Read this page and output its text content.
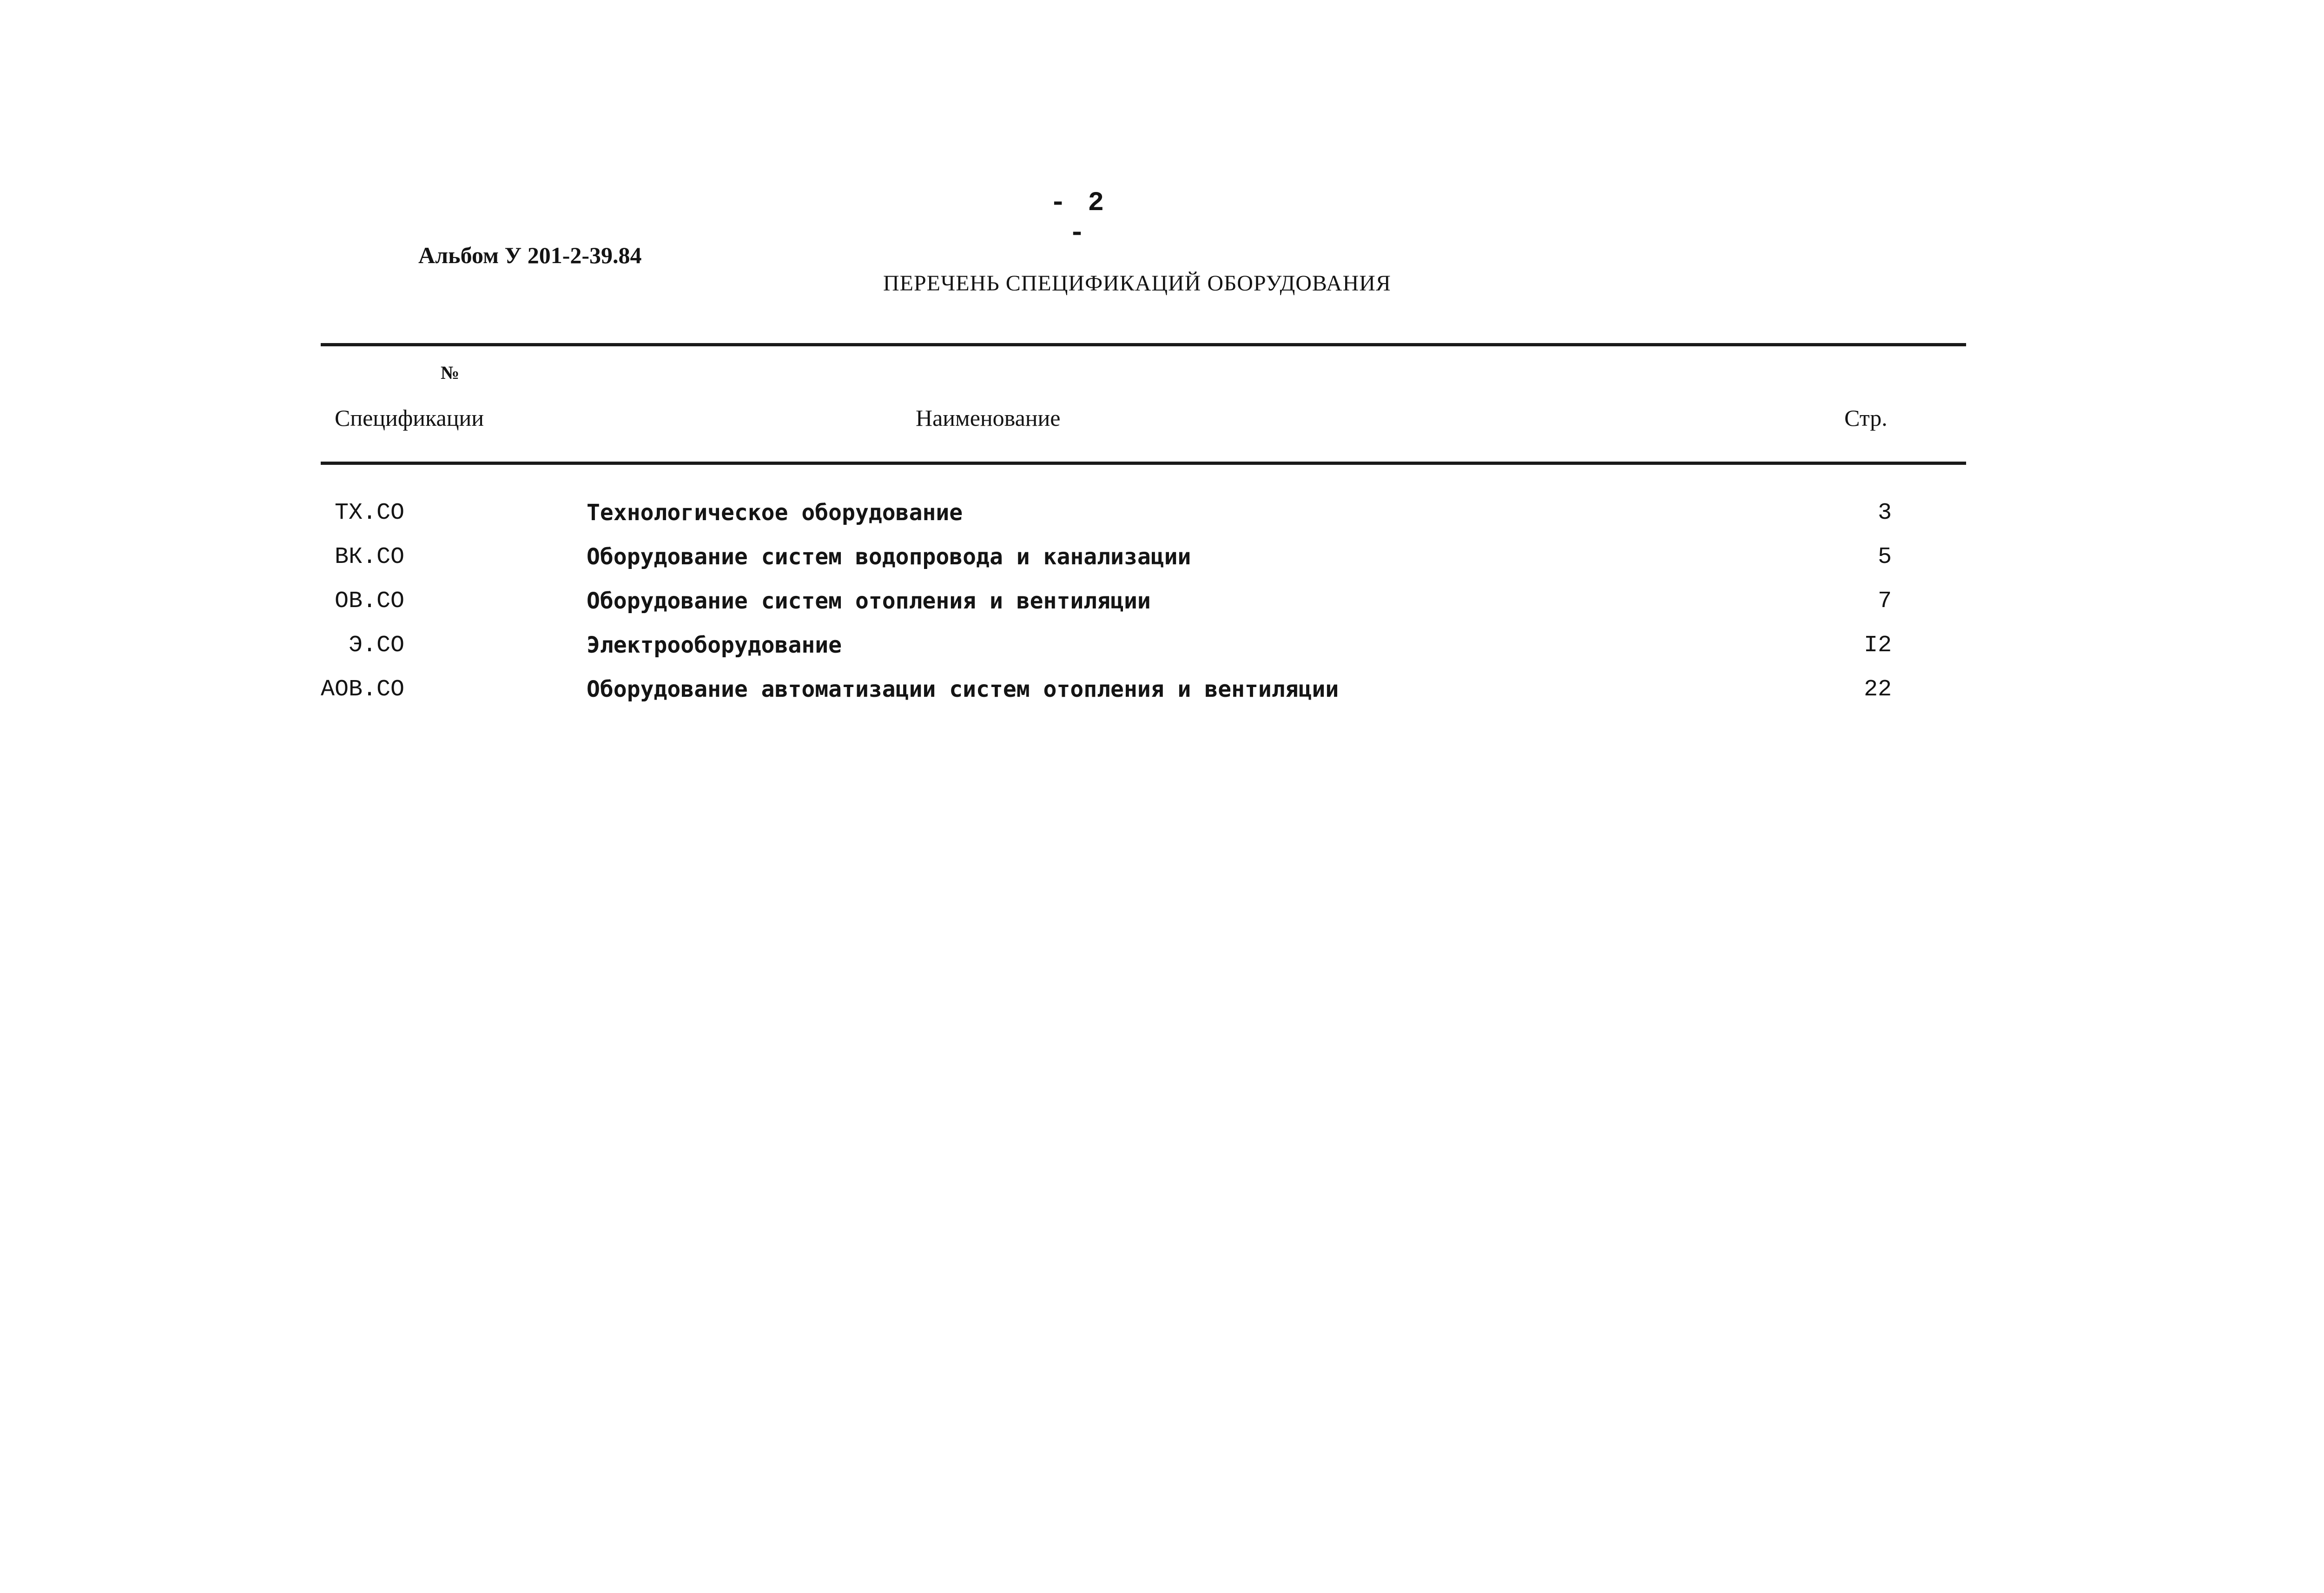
- 2 -
Альбом У 201-2-39.84
ПЕРЕЧЕНЬ СПЕЦИФИКАЦИЙ ОБОРУДОВАНИЯ
№
Спецификации	Наименование	Стр.
ТХ.СО	Технологическое оборудование	3
ВК.СО	Оборудование систем водопровода и канализации	5
ОВ.СО	Оборудование систем отопления и вентиляции	7
Э.СО	Электрооборудование	I2
АОВ.СО	Оборудование автоматизации систем отопления и вентиляции	22
